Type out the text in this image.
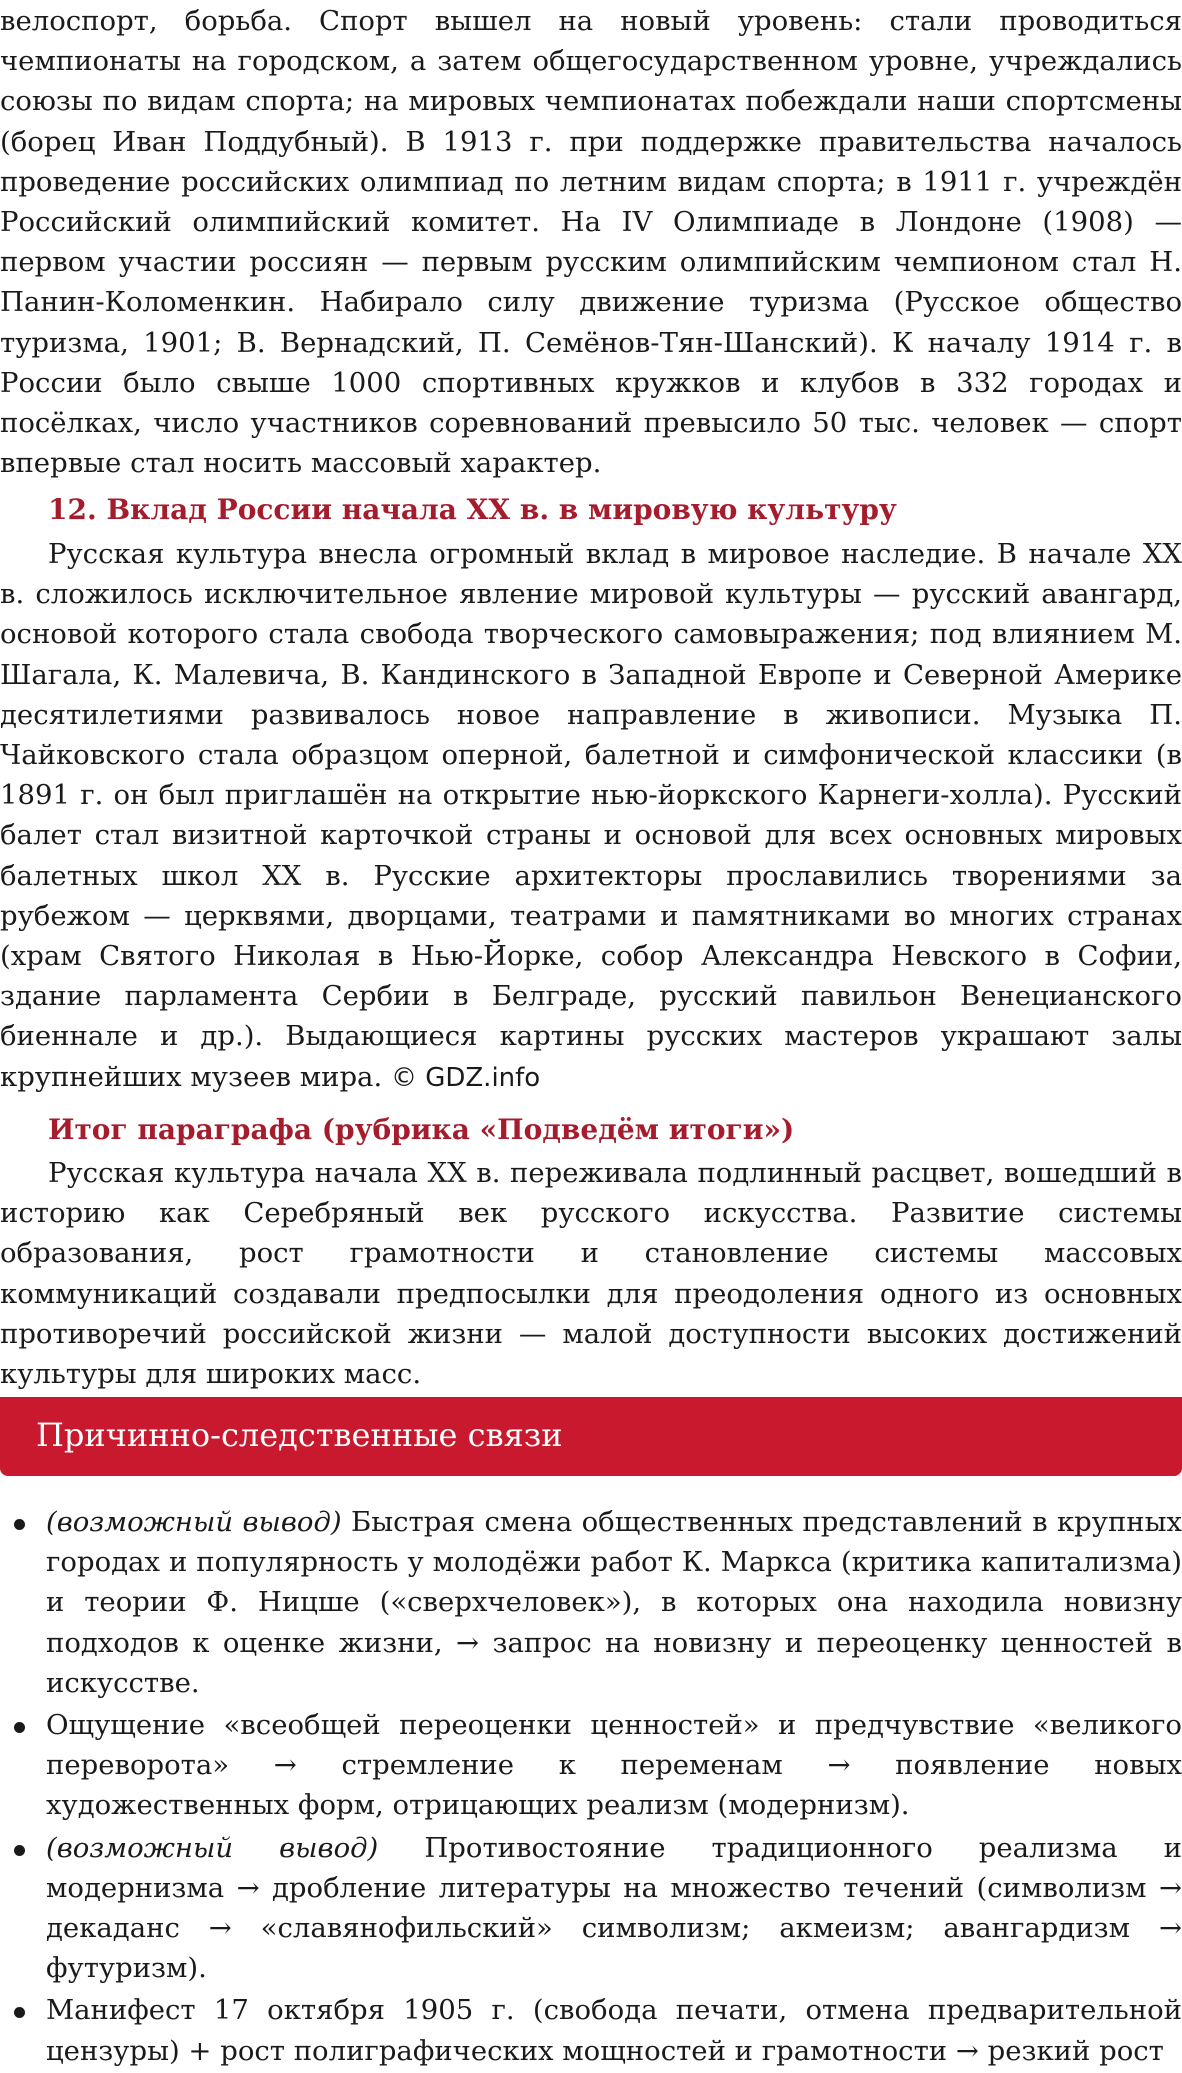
велоспорт, борьба. Спорт вышел на новый уровень: стали проводиться чемпионаты на городском, а затем общегосударственном уровне, учреждались союзы по видам спорта; на мировых чемпионатах побеждали наши спортсмены (борец Иван Поддубный). В 1913 г. при поддержке правительства началось проведение российских олимпиад по летним видам спорта; в 1911 г. учреждён Российский олимпийский комитет. На IV Олимпиаде в Лондоне (1908) — первом участии россиян — первым русским олимпийским чемпионом стал Н. Панин-Коломенкин. Набирало силу движение туризма (Русское общество туризма, 1901; В. Вернадский, П. Семёнов-Тян-Шанский). К началу 1914 г. в России было свыше 1000 спортивных кружков и клубов в 332 городах и посёлках, число участников соревнований превысило 50 тыс. человек — спорт впервые стал носить массовый характер.

12. Вклад России начала XX в. в мировую культуру

Русская культура внесла огромный вклад в мировое наследие. В начале XX в. сложилось исключительное явление мировой культуры — русский авангард, основой которого стала свобода творческого самовыражения; под влиянием М. Шагала, К. Малевича, В. Кандинского в Западной Европе и Северной Америке десятилетиями развивалось новое направление в живописи. Музыка П. Чайковского стала образцом оперной, балетной и симфонической классики (в 1891 г. он был приглашён на открытие нью-йоркского Карнеги-холла). Русский балет стал визитной карточкой страны и основой для всех основных мировых балетных школ XX в. Русские архитекторы прославились творениями за рубежом — церквями, дворцами, театрами и памятниками во многих странах (храм Святого Николая в Нью-Йорке, собор Александра Невского в Софии, здание парламента Сербии в Белграде, русский павильон Венецианского биеннале и др.). Выдающиеся картины русских мастеров украшают залы крупнейших музеев мира. © GDZ.info

Итог параграфа (рубрика «Подведём итоги»)

Русская культура начала XX в. переживала подлинный расцвет, вошедший в историю как Серебряный век русского искусства. Развитие системы образования, рост грамотности и становление системы массовых коммуникаций создавали предпосылки для преодоления одного из основных противоречий российской жизни — малой доступности высоких достижений культуры для широких масс.

Причинно-следственные связи
(возможный вывод) Быстрая смена общественных представлений в крупных городах и популярность у молодёжи работ К. Маркса (критика капитализма) и теории Ф. Ницше («сверхчеловек»), в которых она находила новизну подходов к оценке жизни, → запрос на новизну и переоценку ценностей в искусстве.
Ощущение «всеобщей переоценки ценностей» и предчувствие «великого переворота» → стремление к переменам → появление новых художественных форм, отрицающих реализм (модернизм).
(возможный вывод) Противостояние традиционного реализма и модернизма → дробление литературы на множество течений (символизм → декаданс → «славянофильский» символизм; акмеизм; авангардизм → футуризм).
Манифест 17 октября 1905 г. (свобода печати, отмена предварительной цензуры) + рост полиграфических мощностей и грамотности → резкий рост
